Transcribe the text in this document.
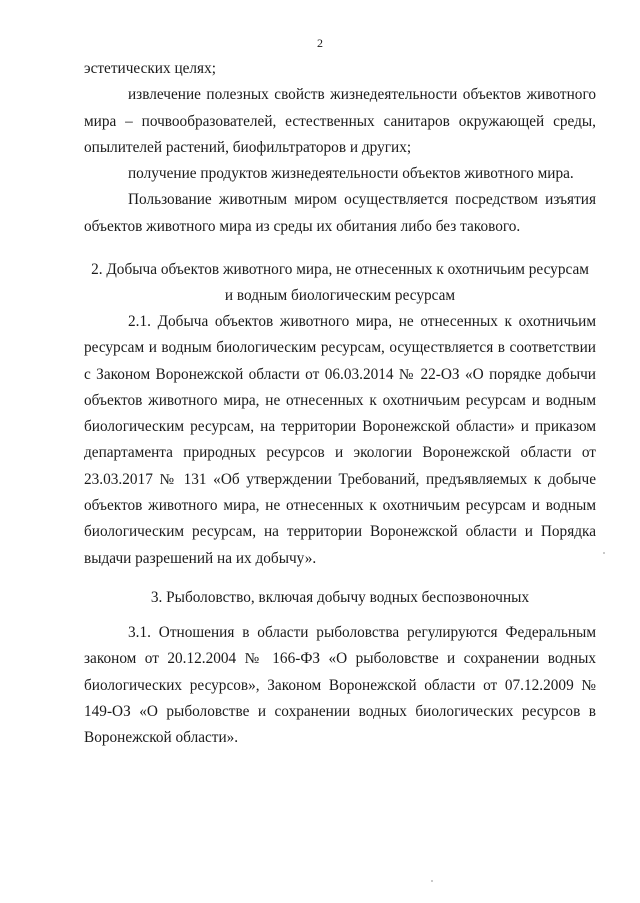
2

эстетических целях;

извлечение полезных свойств жизнедеятельности объектов животного мира – почвообразователей, естественных санитаров окружающей среды, опылителей растений, биофильтраторов и других;

получение продуктов жизнедеятельности объектов животного мира.

Пользование животным миром осуществляется посредством изъятия объектов животного мира из среды их обитания либо без такового.

2. Добыча объектов животного мира, не отнесенных к охотничьим ресурсам

и водным биологическим ресурсам

2.1. Добыча объектов животного мира, не отнесенных к охотничьим ресурсам и водным биологическим ресурсам, осуществляется в соответствии с Законом Воронежской области от 06.03.2014 № 22-ОЗ «О порядке добычи объектов животного мира, не отнесенных к охотничьим ресурсам и водным биологическим ресурсам, на территории Воронежской области» и приказом департамента природных ресурсов и экологии Воронежской области от 23.03.2017 № 131 «Об утверждении Требований, предъявляемых к добыче объектов животного мира, не отнесенных к охотничьим ресурсам и водным биологическим ресурсам, на территории Воронежской области и Порядка выдачи разрешений на их добычу».

3. Рыболовство, включая добычу водных беспозвоночных

3.1. Отношения в области рыболовства регулируются Федеральным законом от 20.12.2004 № 166-ФЗ «О рыболовстве и сохранении водных биологических ресурсов», Законом Воронежской области от 07.12.2009 № 149-ОЗ «О рыболовстве и сохранении водных биологических ресурсов в Воронежской области».
